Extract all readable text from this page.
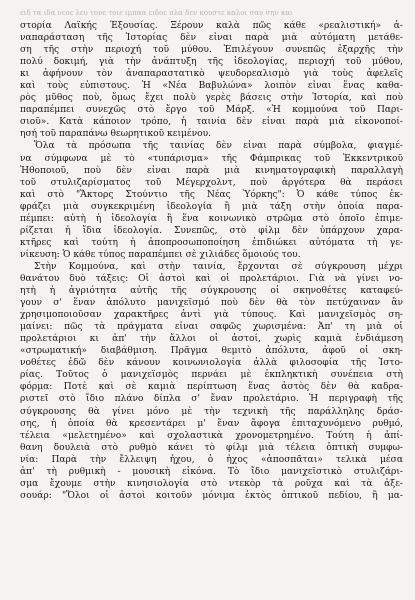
ειδ τα ιδα νεοε λευ τονε τοιε ιμπαα ειδοε πλα δεν κουστε καλοι σαν σην και
στορία Λαϊκής Έξουσίας. Ξέρουν καλὰ πῶς κάθε «ρεαλιστική» ἀ-
ναπαράσταση τῆς Ἱστορίας δὲν εἶναι παρὰ μιὰ αὐτόματη μετάθε-
ση τῆς στὴν περιοχή τοῦ μύθου. Ἐπιλέγουν συνεπῶς ἐξαρχῆς τὴν
πολύ δοκιμή, γιὰ τὴν ἀνάπτυξη τῆς ἰδεολογίας, περιοχή τοῦ μύθου,
κι ἀφήνουν τὸν ἀναπαραστατικὸ ψευδορεαλισμὸ γιὰ τοὺς ἀφελεῖς
καὶ τοὺς εὐπιστους. Ἡ «Νέα Βαβυλώνα» λοιπὸν εἶναι ἕνας καθα-
ρὸς μῦθος ποὺ, ὅμως ἔχει πολὺ γερὲς βάσεις στὴν Ἱστορία, καὶ ποὺ
παραπέμπει συνεχῶς στὸ ἔργο τοῦ Μάρξ. «Ἡ κομμούνα τοῦ Παρι-
σιοῦ». Κατὰ κάποιον τρόπο, ἡ ταινία δὲν εἶναι παρὰ μιὰ εἰκονοποί-
ησή τοῦ παραπάνω θεωρητικοῦ κειμένου.
Ὅλα τὰ πρόσωπα τῆς ταινίας δὲν εἶναι παρὰ σύμβολα, φιαγμέ-
να σύμφωνα μὲ τὸ «τυπάρισμα» τῆς Φάμπρικας τοῦ Ἐκκεντρικοῦ
Ἠθοποιοῦ, ποὺ δὲν εἶναι παρὰ μιὰ κινηματογραφικὴ παραλλαγὴ
τοῦ στυλιζαρίσματος τοῦ Μέγερχολντ, ποὺ ἀργότερα θὰ περάσει
καὶ στὸ "Ἄκτορς Στούντιο τῆς Νέας Ὑόρκης": Ὁ κάθε τύπος ἐκ-
φράζει μιὰ συγκεκριμένη ἰδεολογία ἢ μιὰ τάξη στὴν ὁποία παρα-
πέμπει: αὐτὴ ἡ ἰδεολογία ἢ ἕνα κοινωνικὸ στρῶμα στὸ ὁποῖο ἐπιμε-
ρίζεται ἡ ἴδια ἰδεολογία. Συνεπῶς, στὸ φίλμ δὲν ὑπάρχουν χαρα-
κτῆρες καὶ τούτη ἡ ἀποπροσωποποίηση ἐπιδιώκει αὐτόματα τὴ γε-
νίκευση: Ὁ κάθε τύπος παραπέμπει σὲ χιλιάδες ὅμοιούς του.
Στὴν Κομμούνα, καὶ στὴν ταινία, ἔρχονται σὲ σύγκρουση μέχρι
θανάτου δυὸ τάξεις: Οἱ ἀστοὶ καὶ οἱ προλετάριοι. Γιὰ νὰ γίνει νο-
ητὴ ἡ ἀγριότητα αὐτῆς τῆς σύγκρουσης οἱ σκηνοθέτες καταφεύ-
γουν σ' ἕναν ἀπόλυτο μανιχεϊσμό ποὺ δὲν θὰ τὸν πετύχαιναν ἂν
χρησιμοποιοῦσαν χαρακτῆρες ἀντὶ γιὰ τύπους. Καὶ μανιχεϊσμὸς ση-
μαίνει: πῶς τὰ πράγματα εἶναι σαφῶς χωρισμένα: Ἀπ' τη μιὰ οἱ
προλετάριοι κι ἀπ' τὴν ἄλλοι οἱ ἀστοί, χωρὶς καμιὰ ἐνδιάμεση
«στρωματική» διαβάθμιση. Πρᾶγμα θεμιτὸ ἀπόλυτα, ἀφοῦ οἱ σκη-
νοθέτες ἐδῶ δὲν κάνουν κοινωνιολογία ἀλλὰ φιλοσοφία τῆς Ἱστο-
ρίας. Τοῦτος ὁ μανιχεϊσμὸς περνάει μὲ ἐκπληκτικὴ συνέπεια στὴ
φόρμα: Ποτὲ καὶ σὲ καμιὰ περίπτωση ἕνας ἀστὸς δὲν θὰ καδρα-
ριστεῖ στὸ ἴδιο πλάνο δίπλα σ' ἕναν προλετάριο. Ἡ περιγραφὴ τῆς
σύγκρουσης θὰ γίνει μόνο μὲ τὴν τεχνικὴ τῆς παράλληλης δράσ-
σης, ἡ ὁποία θὰ κρεσεντάρει μ' ἕναν ἄφογα ἐπιταχυνόμενο ρυθμό,
τέλεια «μελετημένο» καὶ σχολαστικὰ χρονομετρημένο. Τούτη ἡ ἀπί-
θανη δουλειὰ στὸ ρυθμὸ κάνει τὸ φίλμ μιὰ τέλεια ὀπτικὴ συμφω-
νία: Παρὰ τὴν ἔλλειψη ἦχου, ὁ ἦχος «ἀποσπᾶται» τελικὰ μέσα
ἀπ' τὴ ρυθμικὴ - μουσικὴ εἰκόνα. Τὸ ἴδιο μανιχεϊστικὸ στυλιζάρι-
σμα ἔχουμε στὴν κινησιολογία στὸ ντεκὸρ τὰ ροῦχα καὶ τὰ ἀξε-
σουάρ: "Ὅλοι οἱ ἀστοὶ κοιτοῦν μόνιμα ἐκτὸς ὀπτικοῦ πεδίου, ἢ μα-
